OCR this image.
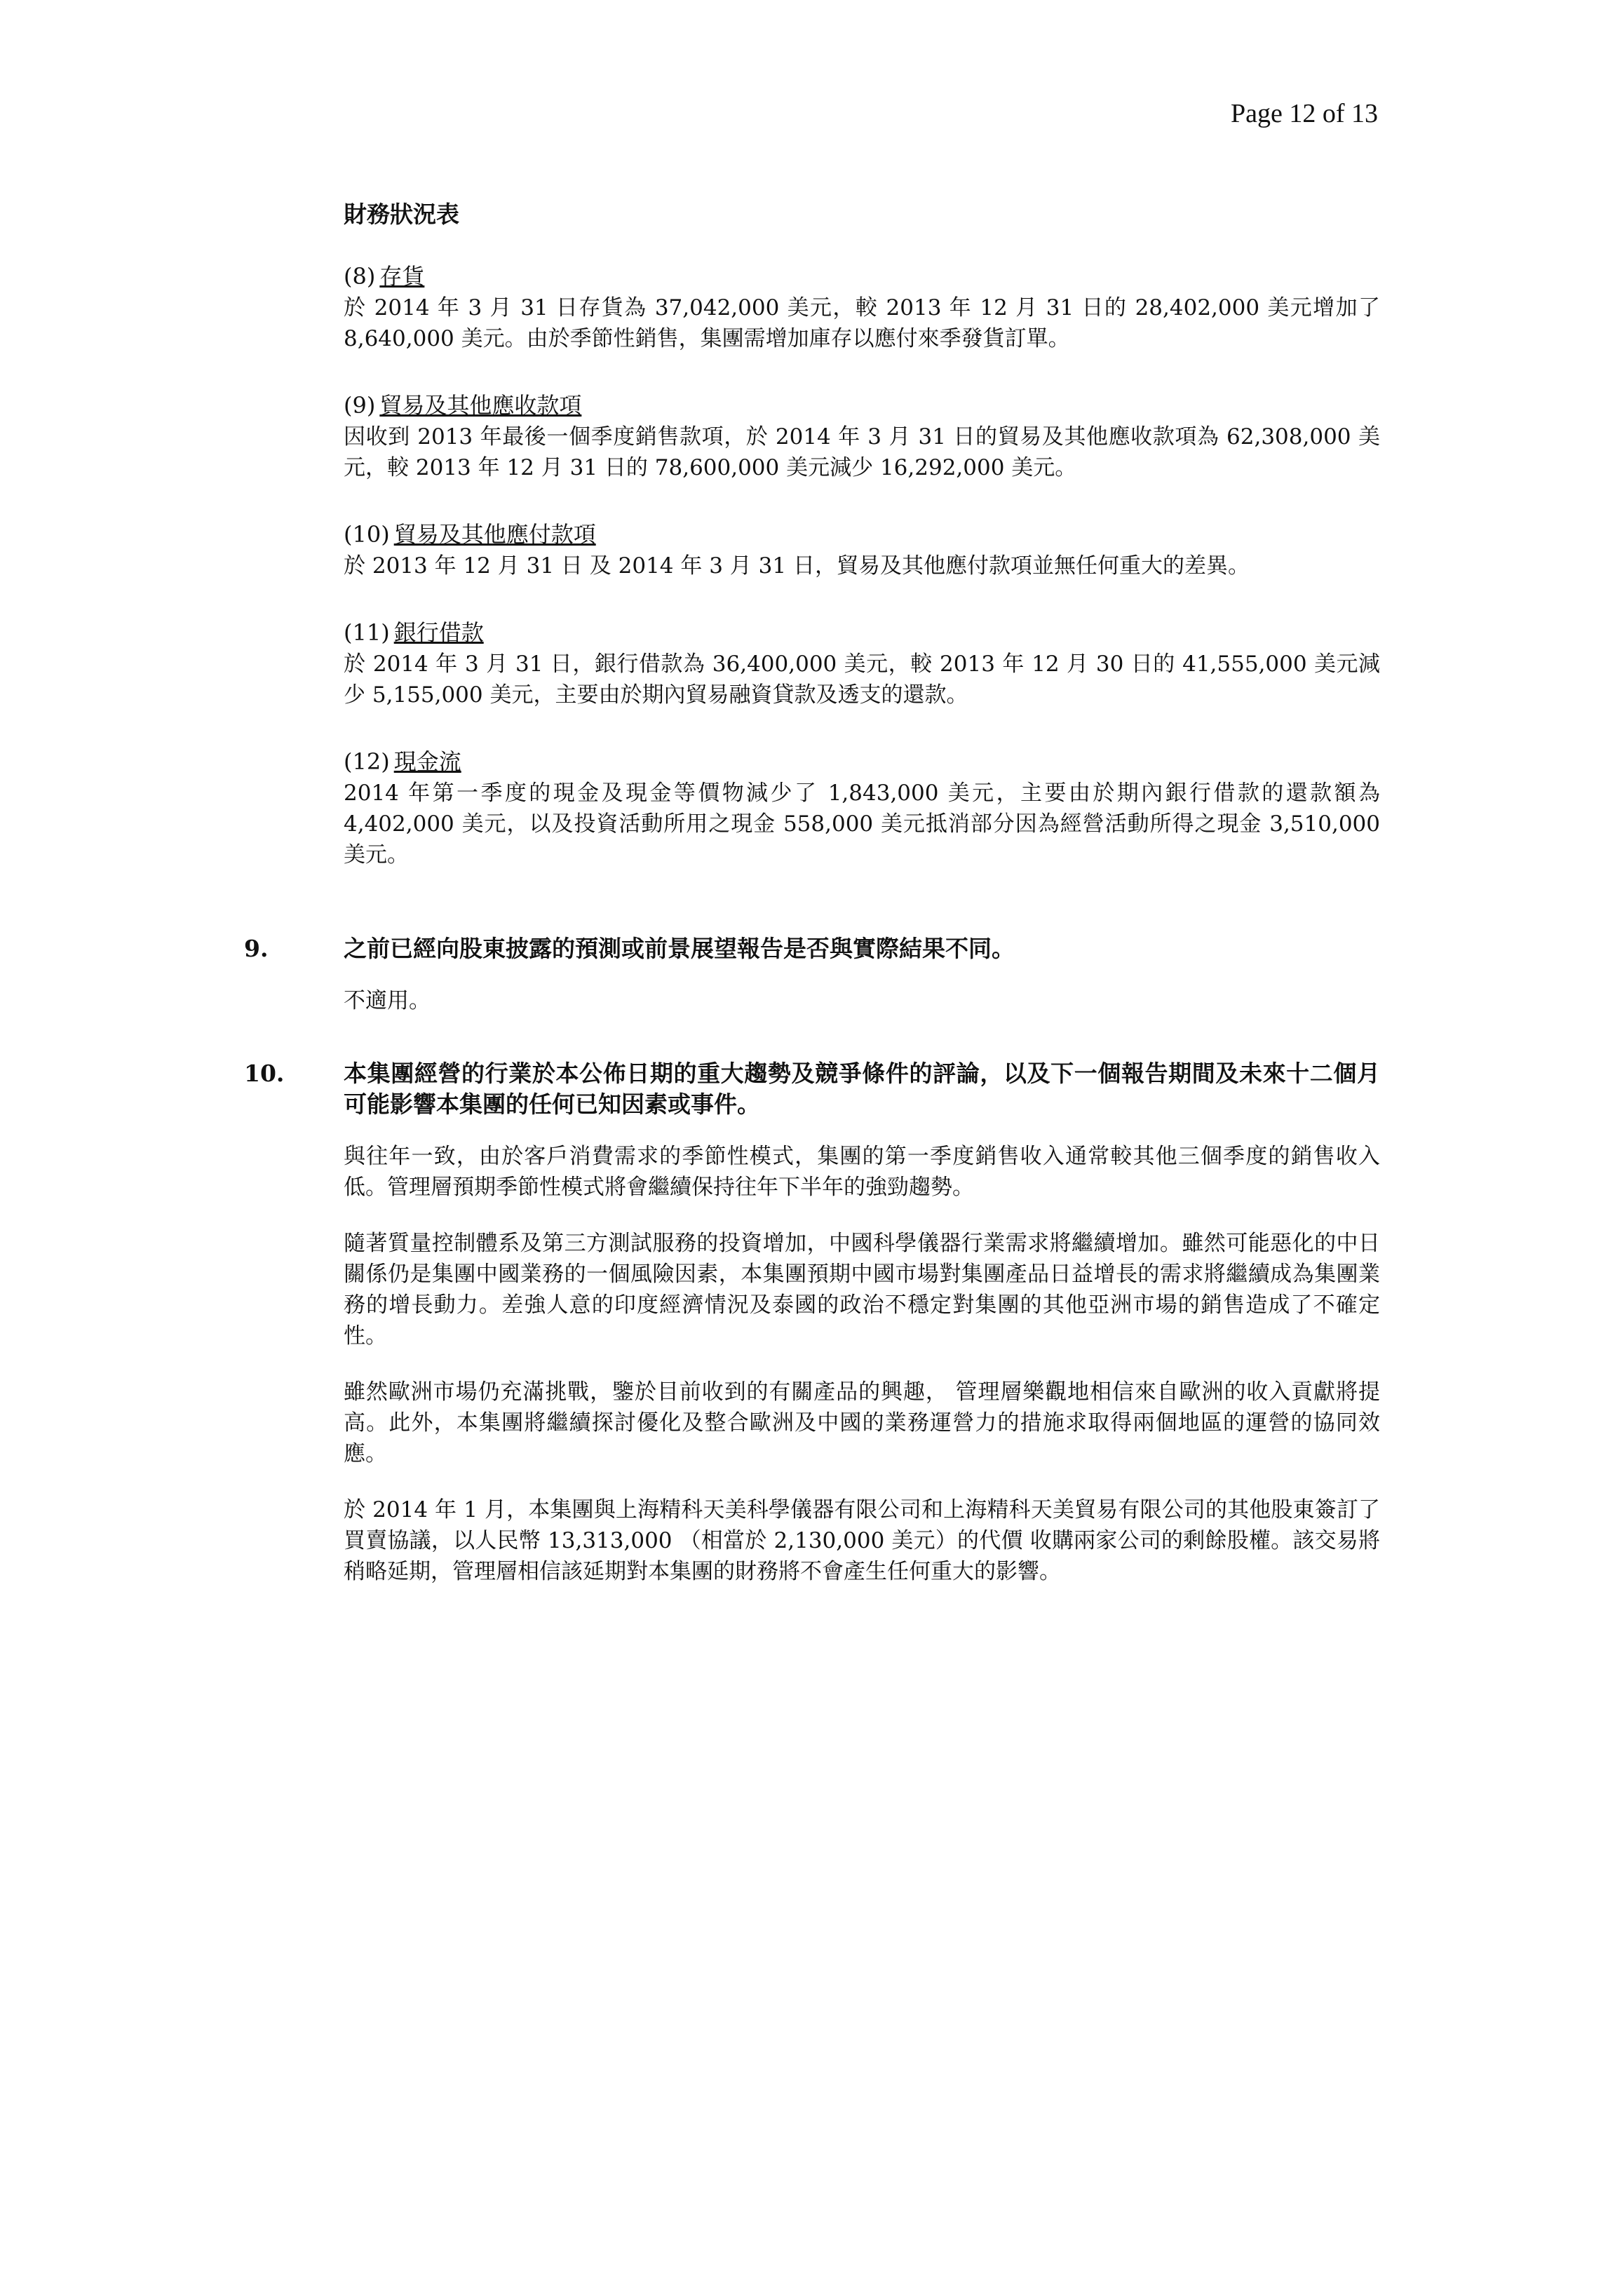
Page 12 of 13
財務狀況表
(8) 存貨
於 2014 年 3 月 31 日存貨為 37,042,000 美元，較 2013 年 12 月 31 日的 28,402,000 美元增加了 8,640,000 美元。由於季節性銷售，集團需增加庫存以應付來季發貨訂單。
(9) 貿易及其他應收款項
因收到 2013 年最後一個季度銷售款項，於 2014 年 3 月 31 日的貿易及其他應收款項為 62,308,000 美元，較 2013 年 12 月 31 日的 78,600,000 美元減少 16,292,000 美元。
(10) 貿易及其他應付款項
於 2013 年 12 月 31 日 及 2014 年 3 月 31 日，貿易及其他應付款項並無任何重大的差異。
(11) 銀行借款
於 2014 年 3 月 31 日，銀行借款為 36,400,000 美元，較 2013 年 12 月 30 日的 41,555,000 美元減少 5,155,000 美元，主要由於期內貿易融資貸款及透支的還款。
(12) 現金流
2014 年第一季度的現金及現金等價物減少了 1,843,000 美元，主要由於期內銀行借款的還款額為 4,402,000 美元，以及投資活動所用之現金 558,000 美元抵消部分因為經營活動所得之現金 3,510,000 美元。
9.	之前已經向股東披露的預測或前景展望報告是否與實際結果不同。
不適用。
10.	本集團經營的行業於本公佈日期的重大趨勢及競爭條件的評論，以及下一個報告期間及未來十二個月可能影響本集團的任何已知因素或事件。
與往年一致，由於客戶消費需求的季節性模式，集團的第一季度銷售收入通常較其他三個季度的銷售收入低。管理層預期季節性模式將會繼續保持往年下半年的強勁趨勢。
隨著質量控制體系及第三方測試服務的投資增加，中國科學儀器行業需求將繼續增加。雖然可能惡化的中日關係仍是集團中國業務的一個風險因素，本集團預期中國市場對集團產品日益增長的需求將繼續成為集團業務的增長動力。差強人意的印度經濟情況及泰國的政治不穩定對集團的其他亞洲市場的銷售造成了不確定性。
雖然歐洲市場仍充滿挑戰，鑒於目前收到的有關產品的興趣， 管理層樂觀地相信來自歐洲的收入貢獻將提高。此外，本集團將繼續探討優化及整合歐洲及中國的業務運營力的措施求取得兩個地區的運營的協同效應。
於 2014 年 1 月，本集團與上海精科天美科學儀器有限公司和上海精科天美貿易有限公司的其他股東簽訂了買賣協議，以人民幣 13,313,000 （相當於 2,130,000 美元）的代價 收購兩家公司的剩餘股權。該交易將稍略延期，管理層相信該延期對本集團的財務將不會產生任何重大的影響。
